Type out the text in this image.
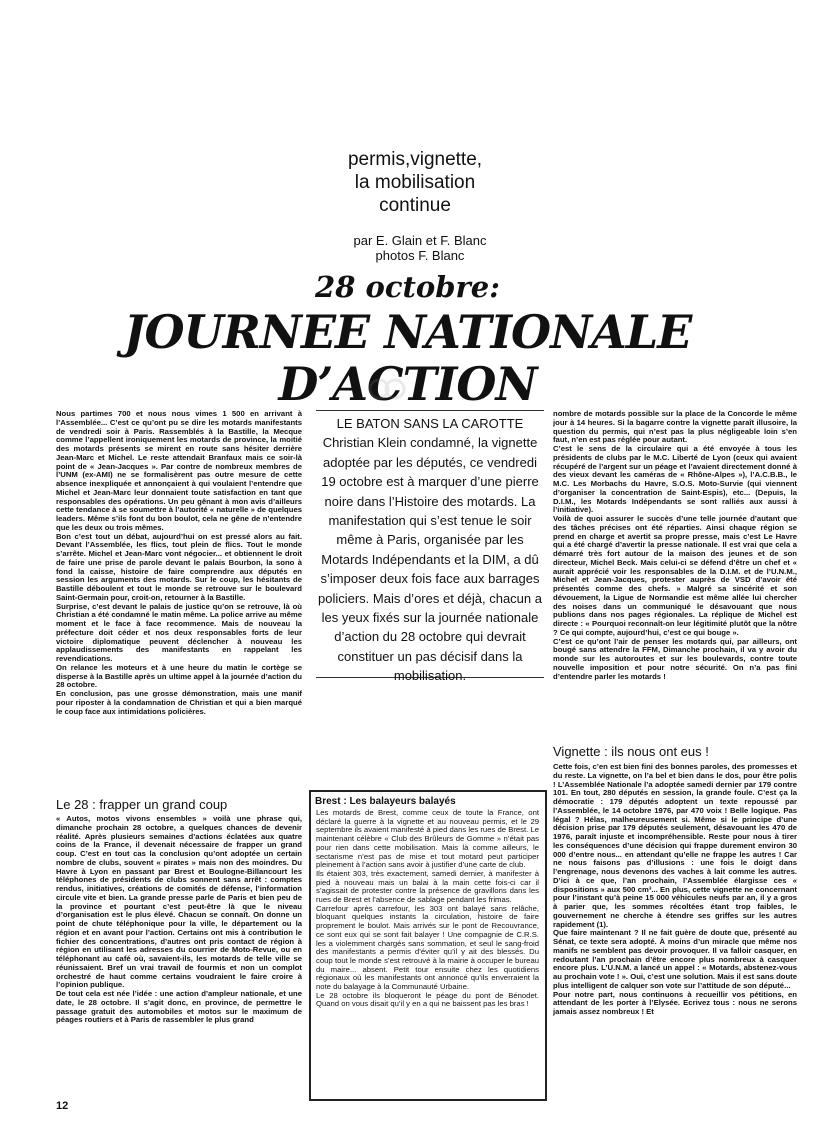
permis,vignette,
la mobilisation
continue
par E. Glain et F. Blanc
photos F. Blanc
28 octobre:
JOURNEE NATIONALE
D’ACTION

Nous partimes 700 et nous nous vimes 1 500 en arrivant à l’Assemblée... C’est ce qu’ont pu se dire les motards manifestants de vendredi soir à Paris. Rassemblés à la Bastille, la Mecque comme l’appellent ironiquement les motards de province, la moitié des motards présents se mirent en route sans hésiter derrière Jean-Marc et Michel. Le reste attendait Branfaux mais ce soir-là point de « Jean-Jacques ». Par contre de nombreux membres de l’UNM (ex-AMI) ne se formalisèrent pas outre mesure de cette absence inexpliquée et annonçaient à qui voulaient l’entendre que Michel et Jean-Marc leur donnaient toute satisfaction en tant que responsables des opérations. Un peu gênant à mon avis d’ailleurs cette tendance à se soumettre à l’autorité « naturelle » de quelques leaders. Même s’ils font du bon boulot, cela ne gêne de n’entendre que les deux ou trois mêmes.

Bon c’est tout un débat, aujourd’hui on est pressé alors au fait. Devant l’Assemblée, les flics, tout plein de flics. Tout le monde s’arrête. Michel et Jean-Marc vont négocier... et obtiennent le droit de faire une prise de parole devant le palais Bourbon, la sono à fond la caisse, histoire de faire comprendre aux députés en session les arguments des motards. Sur le coup, les hésitants de Bastille déboulent et tout le monde se retrouve sur le boulevard Saint-Germain pour, croit-on, retourner à la Bastille.

Surprise, c’est devant le palais de justice qu’on se retrouve, là où Christian a été condamné le matin même. La police arrive au même moment et le face à face recommence. Mais de nouveau la préfecture doit céder et nos deux responsables forts de leur victoire diplomatique peuvent déclencher à nouveau les applaudissements des manifestants en rappelant les revendications.

On relance les moteurs et à une heure du matin le cortège se disperse à la Bastille après un ultime appel à la journée d’action du 28 octobre.

En conclusion, pas une grosse démonstration, mais une manif pour riposter à la condamnation de Christian et qui a bien marqué le coup face aux intimidations policières.

Le 28 : frapper un grand coup

« Autos, motos vivons ensembles » voilà une phrase qui, dimanche prochain 28 octobre, a quelques chances de devenir réalité. Après plusieurs semaines d’actions éclatées aux quatre coins de la France, il devenait nécessaire de frapper un grand coup. C’est en tout cas la conclusion qu’ont adoptée un certain nombre de clubs, souvent « pirates » mais non des moindres. Du Havre à Lyon en passant par Brest et Boulogne-Billancourt les téléphones de présidents de clubs sonnent sans arrêt : comptes rendus, initiatives, créations de comités de défense, l’information circule vite et bien. La grande presse parle de Paris et bien peu de la province et pourtant c’est peut-être là que le niveau d’organisation est le plus élevé. Chacun se connaît. On donne un point de chute téléphonique pour la ville, le département ou la région et en avant pour l’action. Certains ont mis à contribution le fichier des concentrations, d’autres ont pris contact de région à région en utilisant les adresses du courrier de Moto-Revue, ou en téléphonant au café où, savaient-ils, les motards de telle ville se réunissaient. Bref un vrai travail de fourmis et non un complot orchestré de haut comme certains voudraient le faire croire à l’opinion publique.

De tout cela est née l’idée : une action d’ampleur nationale, et une date, le 28 octobre. Il s’agit donc, en province, de permettre le passage gratuit des automobiles et motos sur le maximum de péages routiers et à Paris de rassembler le plus grand

LE BATON SANS LA CAROTTE Christian Klein condamné, la vignette adoptée par les députés, ce vendredi 19 octobre est à marquer d’une pierre noire dans l’Histoire des motards. La manifestation qui s’est tenue le soir même à Paris, organisée par les Motards Indépendants et la DIM, a dû s’imposer deux fois face aux barrages policiers. Mais d’ores et déjà, chacun a les yeux fixés sur la journée nationale d’action du 28 octobre qui devrait constituer un pas décisif dans la mobilisation.
Brest : Les balayeurs balayés
Les motards de Brest, comme ceux de toute la France, ont déclaré la guerre à la vignette et au nouveau permis, et le 29 septembre ils avaient manifesté à pied dans les rues de Brest. Le maintenant célèbre « Club des Brûleurs de Gomme » n’était pas pour rien dans cette mobilisation. Mais là comme ailleurs, le sectarisme n’est pas de mise et tout motard peut participer pleinement à l’action sans avoir à justifier d’une carte de club.
Ils étaient 303, très exactement, samedi dernier, à manifester à pied à nouveau mais un balai à la main cette fois-ci car il s’agissait de protester contre la présence de gravillons dans les rues de Brest et l’absence de sablage pendant les frimas.
Carrefour après carrefour, les 303 ont balayé sans relâche, bloquant quelques instants la circulation, histoire de faire proprement le boulot. Mais arrivés sur le pont de Recouvrance, ce sont eux qui se sont fait balayer ! Une compagnie de C.R.S. les a violemment chargés sans sommation, et seul le sang-froid des manifestants a permis d’éviter qu’il y ait des blessés. Du coup tout le monde s’est retrouvé à la mairie à occuper le bureau du maire... absent. Petit tour ensuite chez les quotidiens régionaux où les manifestants ont annoncé qu’ils enverraient la note du balayage à la Communauté Urbaine.
Le 28 octobre ils bloqueront le péage du pont de Bénodet. Quand on vous disait qu’il y en a qui ne baissent pas les bras !

nombre de motards possible sur la place de la Concorde le même jour à 14 heures. Si la bagarre contre la vignette paraît illusoire, la question du permis, qui n’est pas la plus négligeable loin s’en faut, n’en est pas réglée pour autant.

C’est le sens de la circulaire qui a été envoyée à tous les présidents de clubs par le M.C. Liberté de Lyon (ceux qui avaient récupéré de l’argent sur un péage et l’avaient directement donné à des vieux devant les caméras de « Rhône-Alpes »), l’A.C.B.B., le M.C. Les Morbachs du Havre, S.O.S. Moto-Survie (qui viennent d’organiser la concentration de Saint-Espis), etc... (Depuis, la D.I.M., les Motards Indépendants se sont ralliés aux aussi à l’initiative).

Voilà de quoi assurer le succès d’une telle journée d’autant que des tâches précises ont été réparties. Ainsi chaque région se prend en charge et avertit sa propre presse, mais c’est Le Havre qui a été chargé d’avertir la presse nationale. Il est vrai que cela a démarré très fort autour de la maison des jeunes et de son directeur, Michel Beck. Mais celui-ci se défend d’être un chef et « aurait apprécié voir les responsables de la D.I.M. et de l’U.N.M., Michel et Jean-Jacques, protester auprès de VSD d’avoir été présentés comme des chefs. » Malgré sa sincérité et son dévouement, la Ligue de Normandie est même allée lui chercher des noises dans un communiqué le désavouant que nous publions dans nos pages régionales. La réplique de Michel est directe : « Pourquoi reconnaît-on leur légitimité plutôt que la nôtre ? Ce qui compte, aujourd’hui, c’est ce qui bouge ».

C’est ce qu’ont l’air de penser les motards qui, par ailleurs, ont bougé sans attendre la FFM, Dimanche prochain, il va y avoir du monde sur les autoroutes et sur les boulevards, contre toute nouvelle imposition et pour notre sécurité. On n’a pas fini d’entendre parler les motards !

Vignette : ils nous ont eus !

Cette fois, c’en est bien fini des bonnes paroles, des promesses et du reste. La vignette, on l’a bel et bien dans le dos, pour être polis ! L’Assemblée Nationale l’a adoptée samedi dernier par 179 contre 101. En tout, 280 députés en session, la grande foule. C’est ça la démocratie : 179 députés adoptent un texte repoussé par l’Assemblée, le 14 octobre 1976, par 470 voix ! Belle logique. Pas légal ? Hélas, malheureusement si. Même si le principe d’une décision prise par 179 députés seulement, désavouant les 470 de 1976, paraît injuste et incompréhensible. Reste pour nous à tirer les conséquences d’une décision qui frappe durement environ 30 000 d’entre nous... en attendant qu’elle ne frappe les autres ! Car ne nous faisons pas d’illusions : une fois le doigt dans l’engrenage, nous devenons des vaches à lait comme les autres. D’ici à ce que, l’an prochain, l’Assemblée élargisse ces « dispositions » aux 500 cm³... En plus, cette vignette ne concernant pour l’instant qu’à peine 15 000 véhicules neufs par an, il y a gros à parier que, les sommes récoltées étant trop faibles, le gouvernement ne cherche à étendre ses griffes sur les autres rapidement (1).

Que faire maintenant ? Il ne fait guère de doute que, présenté au Sénat, ce texte sera adopté. À moins d’un miracle que même nos manifs ne semblent pas devoir provoquer. Il va falloir casquer, en redoutant l’an prochain d’être encore plus nombreux à casquer encore plus. L’U.N.M. a lancé un appel : « Motards, abstenez-vous au prochain vote ! ». Oui, c’est une solution. Mais il est sans doute plus intelligent de calquer son vote sur l’attitude de son député...

Pour notre part, nous continuons à recueillir vos pétitions, en attendant de les porter à l’Elysée. Ecrivez tous : nous ne serons jamais assez nombreux ! Et

12
